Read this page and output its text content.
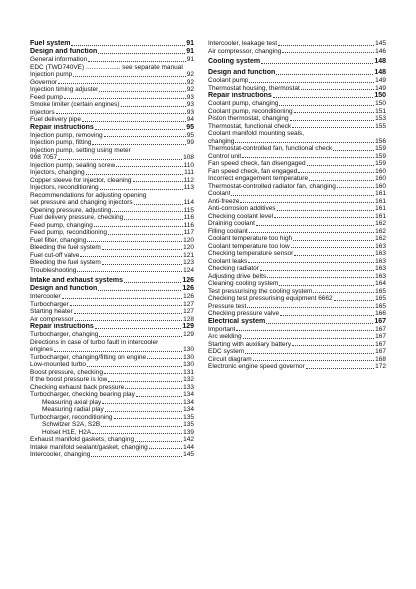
Fuel system	91
Design and function	91
General information	91
EDC (TWD740VE) ................... see separate manual
Injection pump	92
Governor	92
Injection timing adjuster	92
Feed pump	93
Smoke limiter (certain engines)	93
Injectors	93
Fuel delivery pipe	94
Repair instructions	95
Injection pump, removing	95
Injection pump, fitting	99
Injection pump, setting using meter
998 7057	108
Injection pump, sealing screw	110
Injectors, changing	111
Copper sleeve for injector, cleaning	112
Injectors, reconditioning	113
Recommendations for adjusting opening
set pressure and changing injectors	114
Opening pressure, adjusting	115
Fuel delivery pressure, checking	116
Feed pump, changing	116
Feed pump, reconditioning	117
Fuel filter, changing	120
Bleeding the fuel system	120
Fuel cut-off valve	121
Bleeding the fuel system	123
Troubleshooting	124
Intake and exhaust systems	126
Design and function	126
Intercooler	126
Turbocharger	127
Starting heater	127
Air compressor	128
Repair instructions	129
Turbocharger, changing	129
Directions in case of turbo fault in intercooler
engines	130
Turbocharger, changing/fitting on engine	130
Low-mounted turbo	130
Boost pressure, checking	131
If the boost pressure is low	132
Checking exhaust back pressure	133
Turbocharger, checking bearing play	134
Measuring axial play	134
Measuring radial play	134
Turbocharger, reconditioning	135
Schwitzer S2A, S2B	135
Holset H1E, H2A	139
Exhaust manifold gaskets, changing	142
Intake manifold sealant/gasket, changing	144
Intercooler, changing	145
Intercooler, leakage test	145
Air compressor, changing	146
Cooling system	148
Design and function	148
Coolant pump	149
Thermostat housing, thermostat	149
Repair instructions	150
Coolant pump, changing	150
Coolant pump, reconditioning	151
Piston thermostat, changing	153
Thermostat, functional check	155
Coolant manifold mounting seals,
changing	156
Thermostat-controlled fan, functional check	159
Control unit	159
Fan speed check, fan disengaged	159
Fan speed check, fan engaged	160
Incorrect engagement temperature	160
Thermostat-controlled radiator fan, changing	160
Coolant	161
Anti-freeze	161
Anti-corrosion additives	161
Checking coolant level	161
Draining coolant	162
Filling coolant	162
Coolant temperature too high	162
Coolant temperature too low	163
Checking temperature sensor	163
Coolant leaks	163
Checking radiator	163
Adjusting drive belts	163
Cleaning cooling system	164
Test pressurising the cooling system	165
Checking test pressurising equipment 6662	165
Pressure test	165
Checking pressure valve	166
Electrical system	167
Important	167
Arc welding	167
Starting with auxiliary battery	167
EDC system	167
Circuit diagram	168
Electronic engine speed governor	172
